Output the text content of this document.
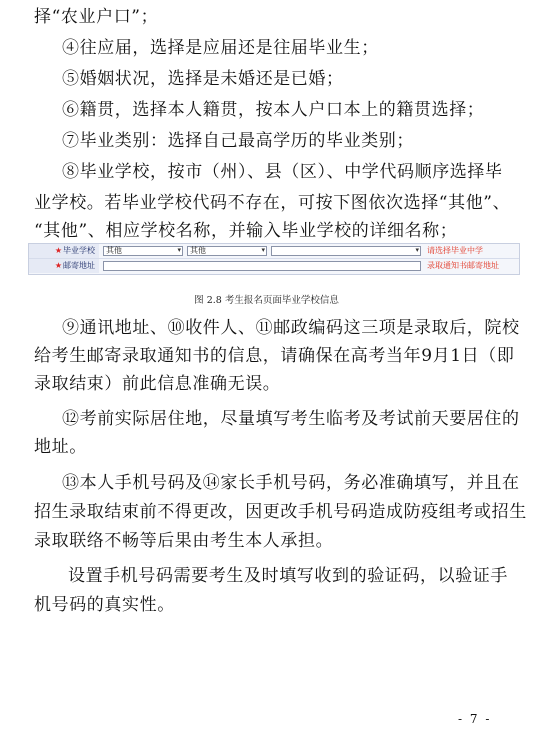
择“农业户口”；
④往应届，选择是应届还是往届毕业生；
⑤婚姻状况，选择是未婚还是已婚；
⑥籍贯，选择本人籍贯，按本人户口本上的籍贯选择；
⑦毕业类别：选择自己最高学历的毕业类别；
⑧毕业学校，按市（州）、县（区）、中学代码顺序选择毕
业学校。若毕业学校代码不存在，可按下图依次选择“其他”、
“其他”、相应学校名称，并输入毕业学校的详细名称；
★毕业学校	其他	▾	其他	▾	▾ 请选择毕业中学
★邮寄地址	录取通知书邮寄地址
图 2.8 考生报名页面毕业学校信息
⑨通讯地址、⑩收件人、⑪邮政编码这三项是录取后，院校
给考生邮寄录取通知书的信息，请确保在高考当年9月1日（即
录取结束）前此信息准确无误。
⑫考前实际居住地，尽量填写考生临考及考试前天要居住的
地址。
⑬本人手机号码及⑭家长手机号码，务必准确填写，并且在
招生录取结束前不得更改，因更改手机号码造成防疫组考或招生
录取联络不畅等后果由考生本人承担。
设置手机号码需要考生及时填写收到的验证码，以验证手
机号码的真实性。
- 7 -
